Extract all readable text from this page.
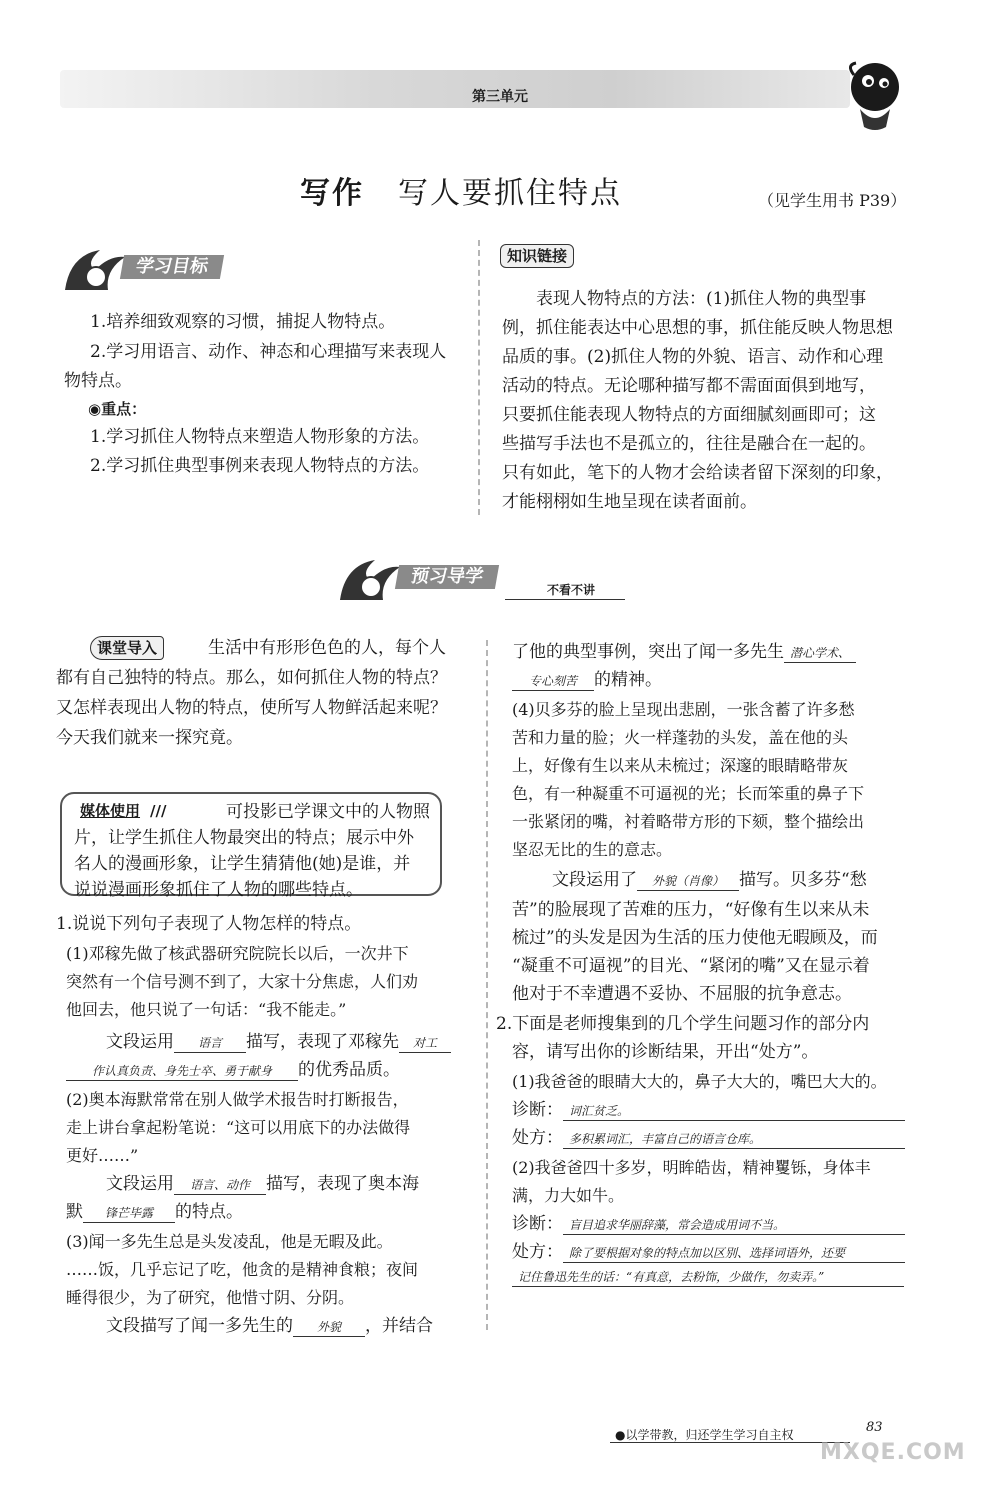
第三单元
写作 写人要抓住特点	（见学生用书 P39）
学习目标
1.培养细致观察的习惯，捕捉人物特点。
2.学习用语言、动作、神态和心理描写来表现人
物特点。
◉重点：
1.学习抓住人物特点来塑造人物形象的方法。
2.学习抓住典型事例来表现人物特点的方法。
知识链接
表现人物特点的方法：(1)抓住人物的典型事
例，抓住能表达中心思想的事，抓住能反映人物思想
品质的事。(2)抓住人物的外貌、语言、动作和心理
活动的特点。无论哪种描写都不需面面俱到地写，
只要抓住能表现人物特点的方面细腻刻画即可；这
些描写手法也不是孤立的，往往是融合在一起的。
只有如此，笔下的人物才会给读者留下深刻的印象，
才能栩栩如生地呈现在读者面前。
预习导学
不看不讲
课堂导入	生活中有形形色色的人，每个人
都有自己独特的特点。那么，如何抓住人物的特点？
又怎样表现出人物的特点，使所写人物鲜活起来呢？
今天我们就来一探究竟。
媒体使用 ///	可投影已学课文中的人物照
片，让学生抓住人物最突出的特点；展示中外
名人的漫画形象，让学生猜猜他(她)是谁，并
说说漫画形象抓住了人物的哪些特点。
1.说说下列句子表现了人物怎样的特点。
(1)邓稼先做了核武器研究院院长以后，一次井下
突然有一个信号测不到了，大家十分焦虑，人们劝
他回去，他只说了一句话：“我不能走。”
文段运用 语言 描写，表现了邓稼先 对工
作认真负责、身先士卒、勇于献身 的优秀品质。
(2)奥本海默常常在别人做学术报告时打断报告，
走上讲台拿起粉笔说：“这可以用底下的办法做得
更好……”
文段运用 语言、动作 描写，表现了奥本海
默 锋芒毕露 的特点。
(3)闻一多先生总是头发凌乱，他是无暇及此。
……饭，几乎忘记了吃，他贪的是精神食粮；夜间
睡得很少，为了研究，他惜寸阴、分阴。
文段描写了闻一多先生的 外貌 ，并结合
了他的典型事例，突出了闻一多先生 潜心学术、
专心刻苦 的精神。
(4)贝多芬的脸上呈现出悲剧，一张含蓄了许多愁
苦和力量的脸；火一样蓬勃的头发，盖在他的头
上，好像有生以来从未梳过；深邃的眼睛略带灰
色，有一种凝重不可逼视的光；长而笨重的鼻子下
一张紧闭的嘴，衬着略带方形的下颏，整个描绘出
坚忍无比的生的意志。
文段运用了 外貌（肖像） 描写。贝多芬“愁
苦”的脸展现了苦难的压力，“好像有生以来从未
梳过”的头发是因为生活的压力使他无暇顾及，而
“凝重不可逼视”的目光、“紧闭的嘴”又在显示着
他对于不幸遭遇不妥协、不屈服的抗争意志。
2.下面是老师搜集到的几个学生问题习作的部分内
容，请写出你的诊断结果，开出“处方”。
(1)我爸爸的眼睛大大的，鼻子大大的，嘴巴大大的。
诊断： 词汇贫乏。
处方： 多积累词汇，丰富自己的语言仓库。
(2)我爸爸四十多岁，明眸皓齿，精神矍铄，身体丰
满，力大如牛。
诊断： 盲目追求华丽辞藻，常会造成用词不当。
处方： 除了要根据对象的特点加以区别、选择词语外，还要
记住鲁迅先生的话：“有真意，去粉饰，少做作，勿卖弄。”
●以学带教，归还学生学习自主权	83
MXQE.COM
